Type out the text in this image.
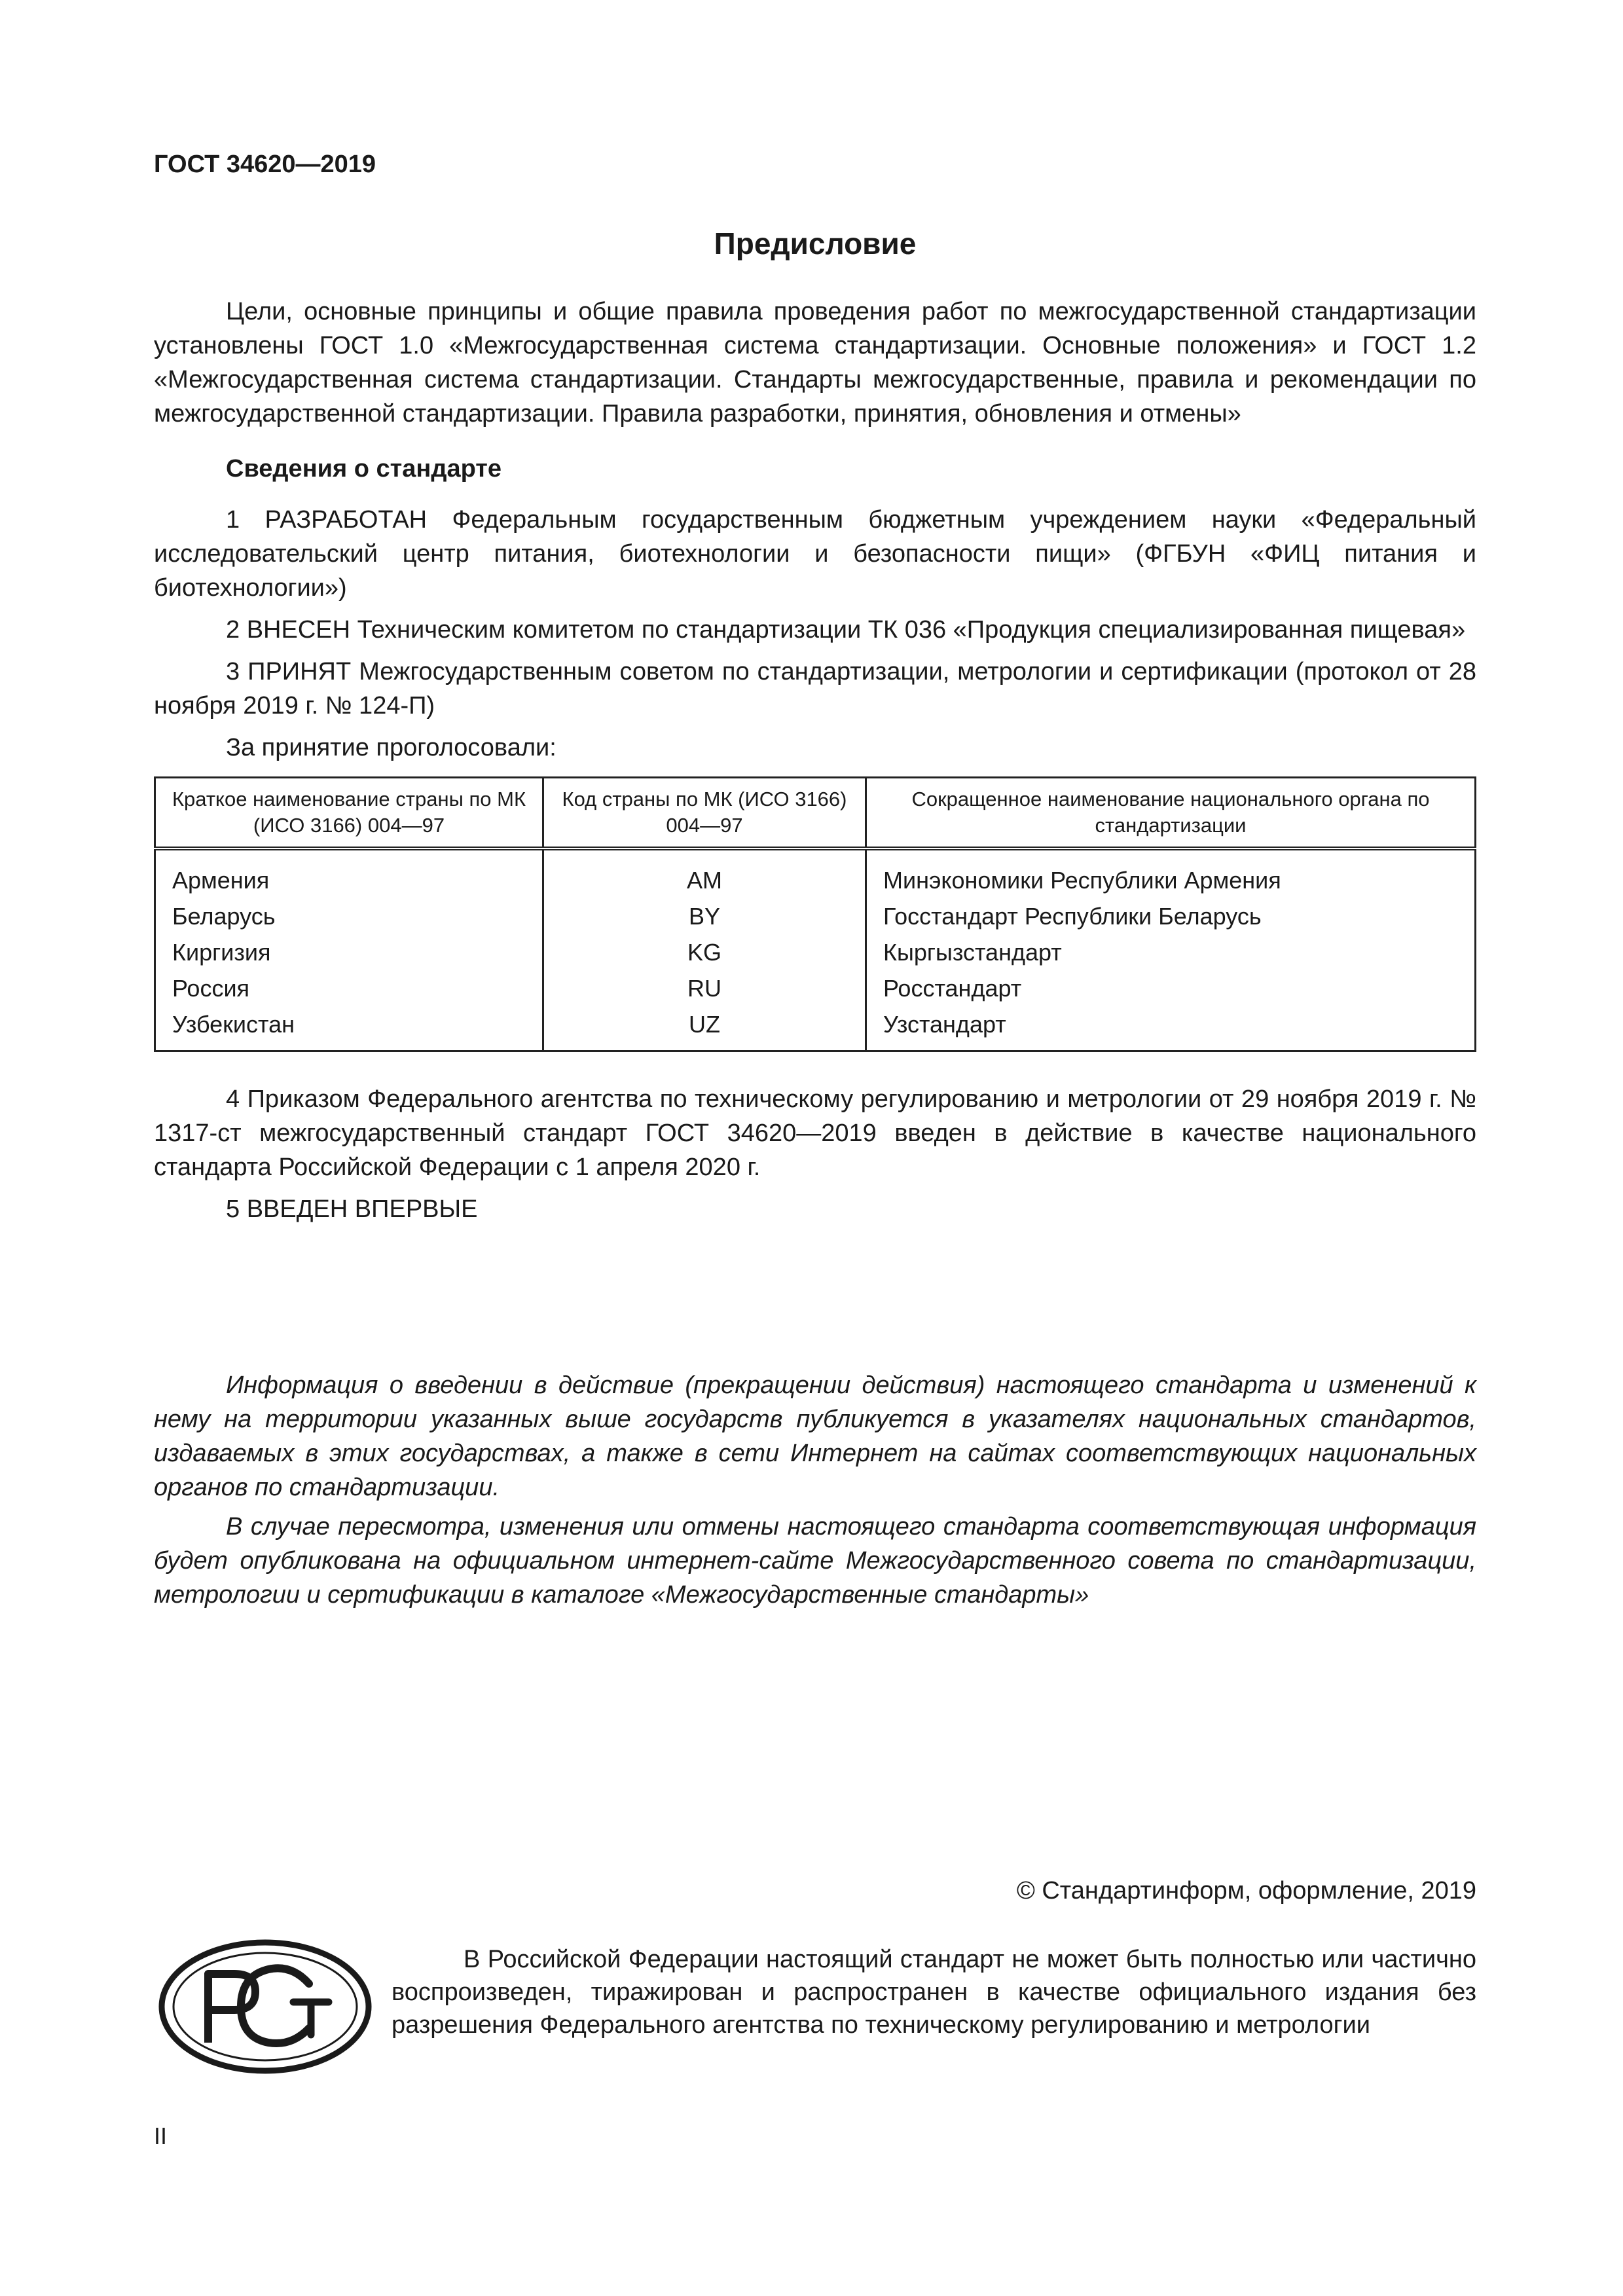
ГОСТ 34620—2019

Предисловие

Цели, основные принципы и общие правила проведения работ по межгосударственной стандартизации установлены ГОСТ 1.0 «Межгосударственная система стандартизации. Основные положения» и ГОСТ 1.2 «Межгосударственная система стандартизации. Стандарты межгосударственные, правила и рекомендации по межгосударственной стандартизации. Правила разработки, принятия, обновления и отмены»

Сведения о стандарте

1 РАЗРАБОТАН Федеральным государственным бюджетным учреждением науки «Федеральный исследовательский центр питания, биотехнологии и безопасности пищи» (ФГБУН «ФИЦ питания и биотехнологии»)

2 ВНЕСЕН Техническим комитетом по стандартизации ТК 036 «Продукция специализированная пищевая»

3 ПРИНЯТ Межгосударственным советом по стандартизации, метрологии и сертификации (протокол от 28 ноября 2019 г. № 124-П)

За принятие проголосовали:

Краткое наименование страны по МК (ИСО 3166) 004—97	Код страны по МК (ИСО 3166) 004—97	Сокращенное наименование национального органа по стандартизации
Армения	AM	Минэкономики Республики Армения
Беларусь	BY	Госстандарт Республики Беларусь
Киргизия	KG	Кыргызстандарт
Россия	RU	Росстандарт
Узбекистан	UZ	Узстандарт

4 Приказом Федерального агентства по техническому регулированию и метрологии от 29 ноября 2019 г. № 1317-ст межгосударственный стандарт ГОСТ 34620—2019 введен в действие в качестве национального стандарта Российской Федерации с 1 апреля 2020 г.

5 ВВЕДЕН ВПЕРВЫЕ

Информация о введении в действие (прекращении действия) настоящего стандарта и изменений к нему на территории указанных выше государств публикуется в указателях национальных стандартов, издаваемых в этих государствах, а также в сети Интернет на сайтах соответствующих национальных органов по стандартизации.

В случае пересмотра, изменения или отмены настоящего стандарта соответствующая информация будет опубликована на официальном интернет-сайте Межгосударственного совета по стандартизации, метрологии и сертификации в каталоге «Межгосударственные стандарты»

© Стандартинформ, оформление, 2019

В Российской Федерации настоящий стандарт не может быть полностью или частично воспроизведен, тиражирован и распространен в качестве официального издания без разрешения Федерального агентства по техническому регулированию и метрологии

II
